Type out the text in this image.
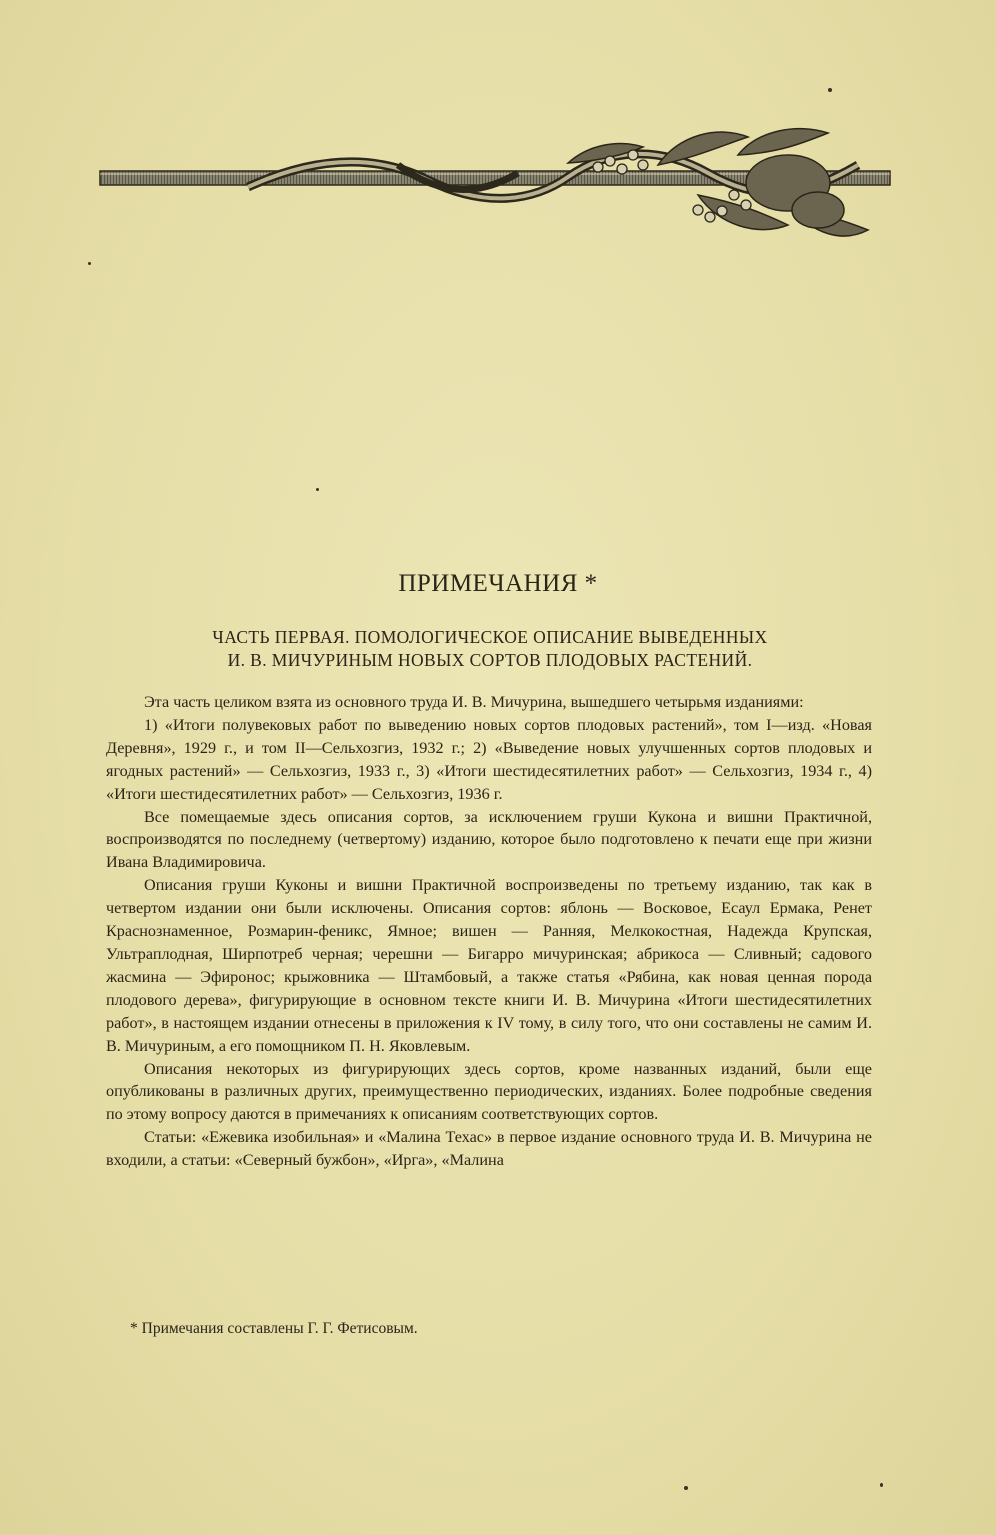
ПРИМЕЧАНИЯ *
ЧАСТЬ ПЕРВАЯ. ПОМОЛОГИЧЕСКОЕ ОПИСАНИЕ ВЫВЕДЕННЫХ
И. В. МИЧУРИНЫМ НОВЫХ СОРТОВ ПЛОДОВЫХ РАСТЕНИЙ.

Эта часть целиком взята из основного труда И. В. Мичурина, вышедшего четырьмя изданиями:

1) «Итоги полувековых работ по выведению новых сортов плодовых растений», том I—изд. «Новая Деревня», 1929 г., и том II—Сельхозгиз, 1932 г.; 2) «Выведение новых улучшенных сортов плодовых и ягодных растений» — Сельхозгиз, 1933 г., 3) «Итоги шестидесятилетних работ» — Сельхозгиз, 1934 г., 4) «Итоги шестидесятилетних работ» — Сельхозгиз, 1936 г.

Все помещаемые здесь описания сортов, за исключением груши Кукона и вишни Практичной, воспроизводятся по последнему (четвертому) изданию, которое было подготовлено к печати еще при жизни Ивана Владимировича.

Описания груши Куконы и вишни Практичной воспроизведены по третьему изданию, так как в четвертом издании они были исключены. Описания сортов: яблонь — Восковое, Есаул Ермака, Ренет Краснознаменное, Розмарин-феникс, Ямное; вишен — Ранняя, Мелкокостная, Надежда Крупская, Ультраплодная, Ширпотреб черная; черешни — Бигарро мичуринская; абрикоса — Сливный; садового жасмина — Эфиронос; крыжовника — Штамбовый, а также статья «Рябина, как новая ценная порода плодового дерева», фигурирующие в основном тексте книги И. В. Мичурина «Итоги шестидесятилетних работ», в настоящем издании отнесены в приложения к IV тому, в силу того, что они составлены не самим И. В. Мичуриным, а его помощником П. Н. Яковлевым.

Описания некоторых из фигурирующих здесь сортов, кроме названных изданий, были еще опубликованы в различных других, преимущественно периодических, изданиях. Более подробные сведения по этому вопросу даются в примечаниях к описаниям соответствующих сортов.

Статьи: «Ежевика изобильная» и «Малина Техас» в первое издание основного труда И. В. Мичурина не входили, а статьи: «Северный бужбон», «Ирга», «Малина

* Примечания составлены Г. Г. Фетисовым.
